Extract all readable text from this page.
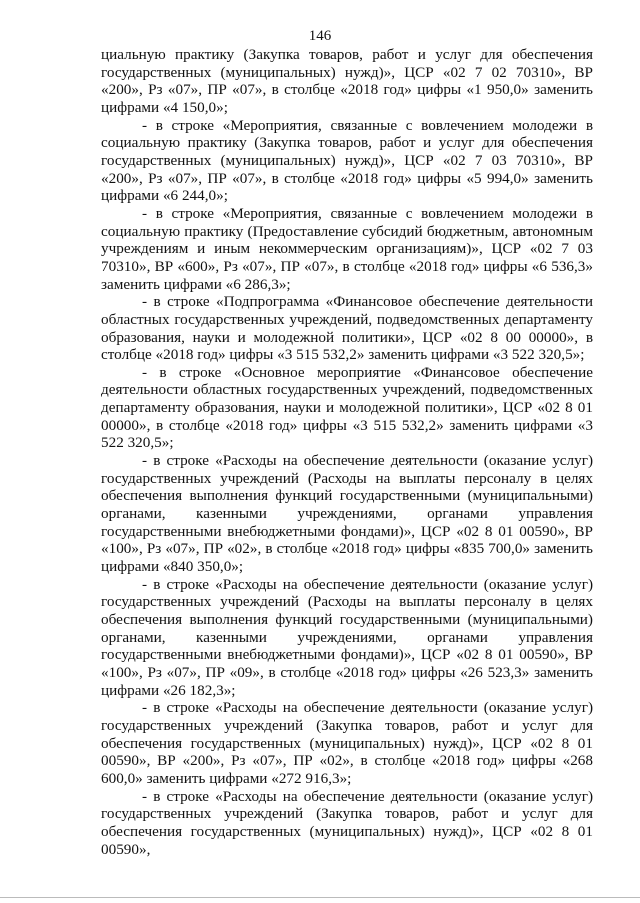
146

циальную практику (Закупка товаров, работ и услуг для обеспечения государственных (муниципальных) нужд)», ЦСР «02 7 02 70310», ВР «200», Рз «07», ПР «07», в столбце «2018 год» цифры «1 950,0» заменить цифрами «4 150,0»;

- в строке «Мероприятия, связанные с вовлечением молодежи в социальную практику (Закупка товаров, работ и услуг для обеспечения государственных (муниципальных) нужд)», ЦСР «02 7 03 70310», ВР «200», Рз «07», ПР «07», в столбце «2018 год» цифры «5 994,0» заменить цифрами «6 244,0»;

- в строке «Мероприятия, связанные с вовлечением молодежи в социальную практику (Предоставление субсидий бюджетным, автономным учреждениям и иным некоммерческим организациям)», ЦСР «02 7 03 70310», ВР «600», Рз «07», ПР «07», в столбце «2018 год» цифры «6 536,3» заменить цифрами «6 286,3»;

- в строке «Подпрограмма «Финансовое обеспечение деятельности областных государственных учреждений, подведомственных департаменту образования, науки и молодежной политики», ЦСР «02 8 00 00000», в столбце «2018 год» цифры «3 515 532,2» заменить цифрами «3 522 320,5»;

- в строке «Основное мероприятие «Финансовое обеспечение деятельности областных государственных учреждений, подведомственных департаменту образования, науки и молодежной политики», ЦСР «02 8 01 00000», в столбце «2018 год» цифры «3 515 532,2» заменить цифрами «3 522 320,5»;

- в строке «Расходы на обеспечение деятельности (оказание услуг) государственных учреждений (Расходы на выплаты персоналу в целях обеспечения выполнения функций государственными (муниципальными) органами, казенными учреждениями, органами управления государственными внебюджетными фондами)», ЦСР «02 8 01 00590», ВР «100», Рз «07», ПР «02», в столбце «2018 год» цифры «835 700,0» заменить цифрами «840 350,0»;

- в строке «Расходы на обеспечение деятельности (оказание услуг) государственных учреждений (Расходы на выплаты персоналу в целях обеспечения выполнения функций государственными (муниципальными) органами, казенными учреждениями, органами управления государственными внебюджетными фондами)», ЦСР «02 8 01 00590», ВР «100», Рз «07», ПР «09», в столбце «2018 год» цифры «26 523,3» заменить цифрами «26 182,3»;

- в строке «Расходы на обеспечение деятельности (оказание услуг) государственных учреждений (Закупка товаров, работ и услуг для обеспечения государственных (муниципальных) нужд)», ЦСР «02 8 01 00590», ВР «200», Рз «07», ПР «02», в столбце «2018 год» цифры «268 600,0» заменить цифрами «272 916,3»;

- в строке «Расходы на обеспечение деятельности (оказание услуг) государственных учреждений (Закупка товаров, работ и услуг для обеспечения государственных (муниципальных) нужд)», ЦСР «02 8 01 00590»,
